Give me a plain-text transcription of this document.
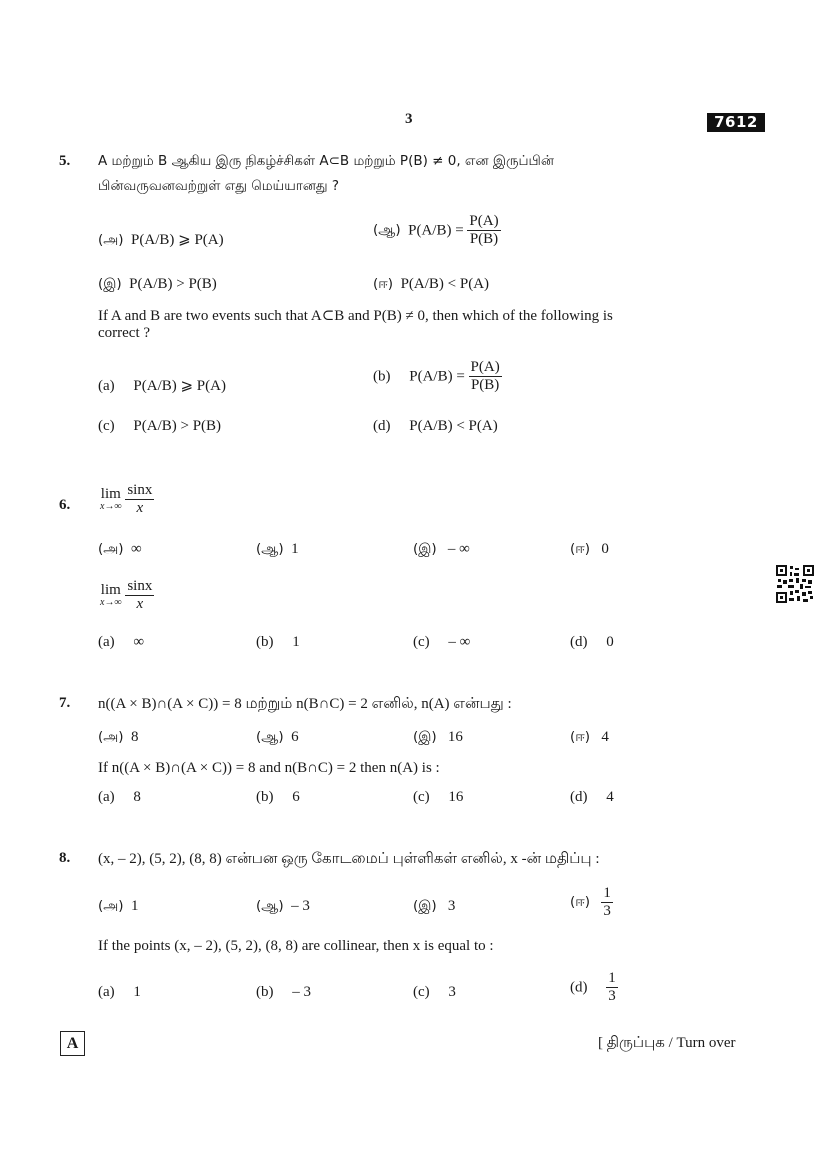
3	7612
5. A மற்றும் B ஆகிய இரு நிகழ்ச்சிகள் A⊂B மற்றும் P(B) ≠ 0, என இருப்பின்
பின்வருவனவற்றுள் எது மெய்யானது ?
(அ) P(A/B) ⩾ P(A)
(ஆ) $P(A/B) = \frac{P(A)}{P(B)}$
(இ) P(A/B) > P(B)	(ஈ) P(A/B) < P(A)
If A and B are two events such that A⊂B and P(B) ≠ 0, then which of the following is
correct ?
(a) P(A/B) ⩾ P(A)
(b) $P(A/B) = \frac{P(A)}{P(B)}$
(c) P(A/B) > P(B)	(d) P(A/B) < P(A)
6.
lim
x→∞
$\frac{\sin x}{x}$
(அ) ∞	(ஆ) 1	(இ) – ∞	(ஈ) 0
lim
x→∞
$\frac{\sin x}{x}$
(a) ∞	(b) 1	(c) – ∞	(d) 0
7. n((A × B)∩(A × C)) = 8 மற்றும் n(B∩C) = 2 எனில், n(A) என்பது :
(அ) 8	(ஆ) 6	(இ) 16	(ஈ) 4
If n((A × B)∩(A × C)) = 8 and n(B∩C) = 2 then n(A) is :
(a) 8	(b) 6	(c) 16	(d) 4
8. (x, – 2), (5, 2), (8, 8) என்பன ஒரு கோடமைப் புள்ளிகள் எனில், x -ன் மதிப்பு :
(அ) 1	(ஆ) – 3	(இ) 3	(ஈ) $\frac{1}{3}$
If the points (x, – 2), (5, 2), (8, 8) are collinear, then x is equal to :
(a) 1	(b) – 3	(c) 3	$(d) \frac{1}{3}$
A	[ திருப்புக / Turn over
